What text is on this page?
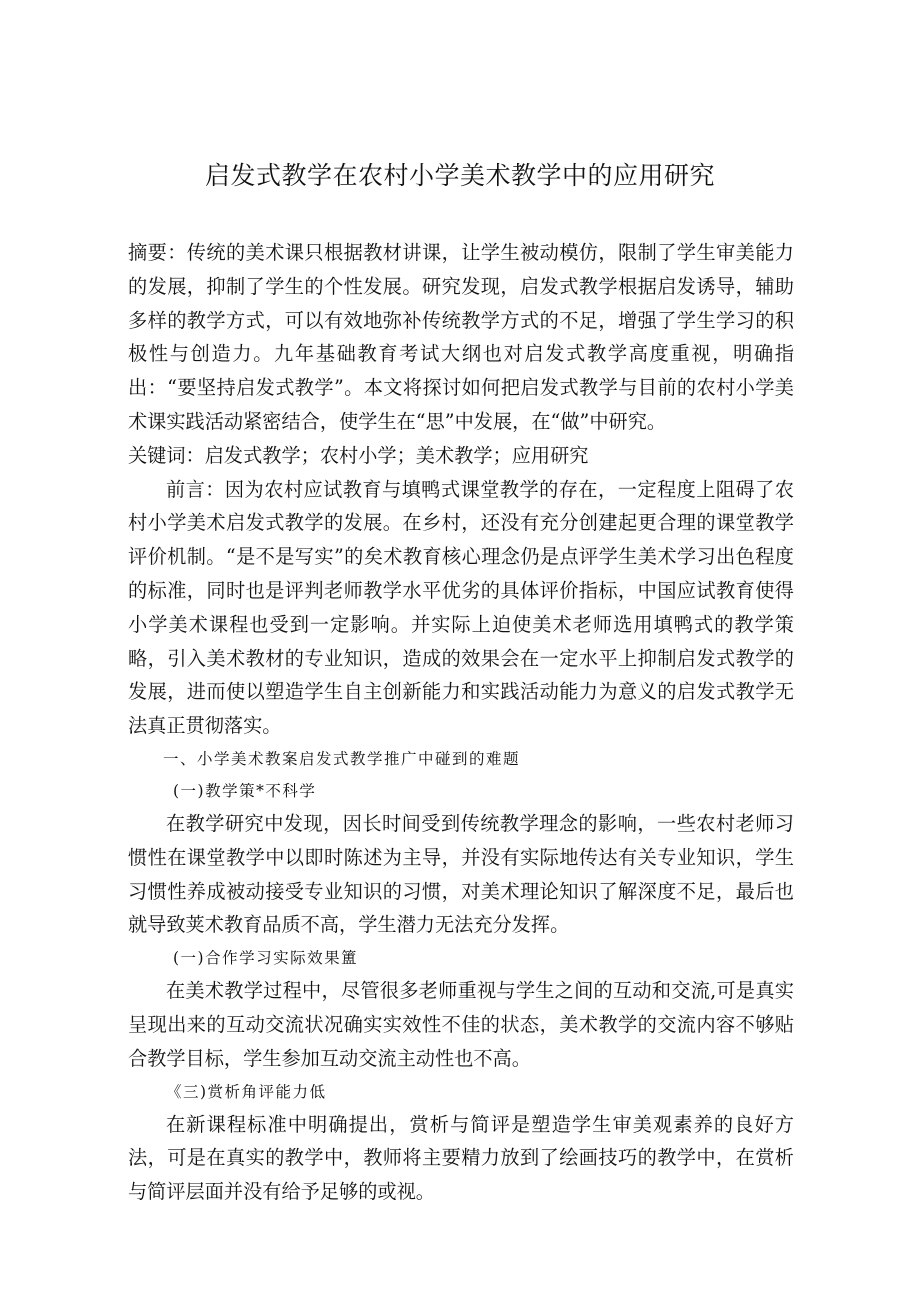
启发式教学在农村小学美术教学中的应用研究

摘要：传统的美术课只根据教材讲课，让学生被动模仿，限制了学生审美能力的发展，抑制了学生的个性发展。研究发现，启发式教学根据启发诱导，辅助多样的教学方式，可以有效地弥补传统教学方式的不足，增强了学生学习的积极性与创造力。九年基础教育考试大纲也对启发式教学高度重视，明确指出：“要坚持启发式教学”。本文将探讨如何把启发式教学与目前的农村小学美术课实践活动紧密结合，使学生在“思”中发展，在“做”中研究。

关键词：启发式教学；农村小学；美术教学；应用研究

前言：因为农村应试教育与填鸭式课堂教学的存在，一定程度上阻碍了农村小学美术启发式教学的发展。在乡村，还没有充分创建起更合理的课堂教学评价机制。“是不是写实”的矣术教育核心理念仍是点评学生美术学习出色程度的标准，同时也是评判老师教学水平优劣的具体评价指标，中国应试教育使得小学美术课程也受到一定影响。并实际上迫使美术老师选用填鸭式的教学策略，引入美术教材的专业知识，造成的效果会在一定水平上抑制启发式教学的发展，进而使以塑造学生自主创新能力和实践活动能力为意义的启发式教学无法真正贯彻落实。

一、小学美术教案启发式教学推广中碰到的难题

(一)教学策*不科学

在教学研究中发现，因长时间受到传统教学理念的影响，一些农村老师习惯性在课堂教学中以即时陈述为主导，并没有实际地传达有关专业知识，学生习惯性养成被动接受专业知识的习惯，对美术理论知识了解深度不足，最后也就导致荚术教育品质不高，学生潜力无法充分发挥。

(一)合作学习实际效果簠

在美术教学过程中，尽管很多老师重视与学生之间的互动和交流,可是真实呈现出来的互动交流状况确实实效性不佳的状态，美术教学的交流内容不够贴合教学目标，学生参加互动交流主动性也不高。

《三)赏析角评能力低

在新课程标准中明确提出，赏析与简评是塑造学生审美观素养的良好方法，可是在真实的教学中，教师将主要精力放到了绘画技巧的教学中，在赏析与简评层面并没有给予足够的或视。
